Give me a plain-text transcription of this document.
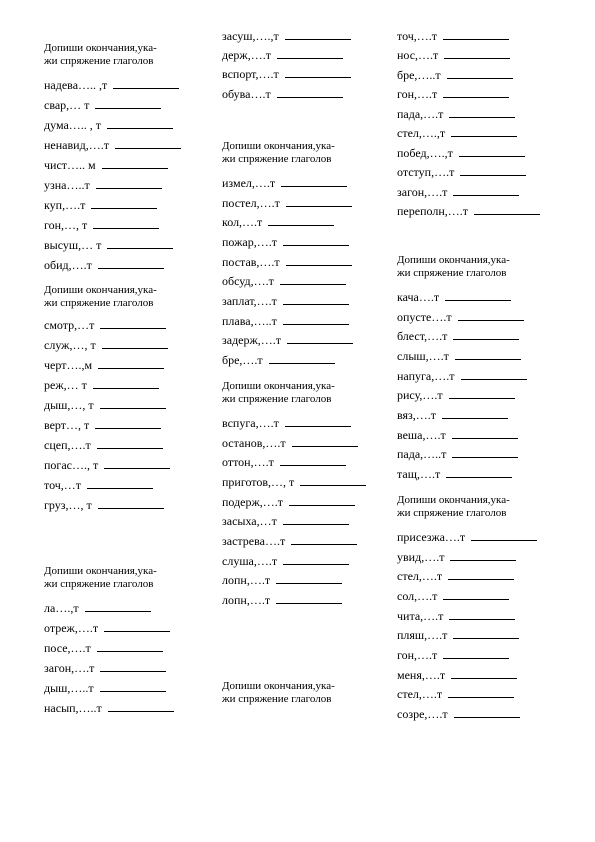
Допиши окончания,ука-
жи спряжение глаголов
надева….. ,т
свар,… т
дума….. , т
ненавид,….т
чист….. м
узна…..т
куп,….т
гон,…, т
высуш,… т
обид,….т
Допиши окончания,ука-
жи спряжение глаголов
смотр,…т
служ,…, т
черт….,м
реж,… т
дыш,…, т
верт…, т
сцеп,….т
погас…., т
точ,…т
груз,…, т
Допиши окончания,ука-
жи спряжение глаголов
ла….,т
отреж,….т
посе,….т
загон,….т
дыш,…..т
насып,…..т
засуш,….,т
держ,….т
вспорт,….т
обува….т
Допиши окончания,ука-
жи спряжение глаголов
измел,….т
постел,….т
кол,….т
пожар,….т
постав,….т
обсуд,….т
заплат,….т
плава,…..т
задерж,….т
бре,….т
Допиши окончания,ука-
жи спряжение глаголов
вспуга,….т
останов,….т
оттон,….т
приготов,…, т
подерж,….т
засыха,…т
застрева….т
слуша,….т
лопн,….т
лопн,….т
Допиши окончания,ука-
жи спряжение глаголов
точ,….т
нос,….т
бре,…..т
гон,….т
пада,….т
стел,….,т
побед,….,т
отступ,….т
загон,….т
переполн,….т
Допиши окончания,ука-
жи спряжение глаголов
кача….т
опусте….т
блест,….т
слыш,….т
напуга,….т
рису,….т
вяз,….т
веша,….т
пада,…..т
тащ,….т
Допиши окончания,ука-
жи спряжение глаголов
присезжа….т
увид,….т
стел,….т
сол,….т
чита,….т
пляш,….т
гон,….т
меня,….т
стел,….т
созре,….т
